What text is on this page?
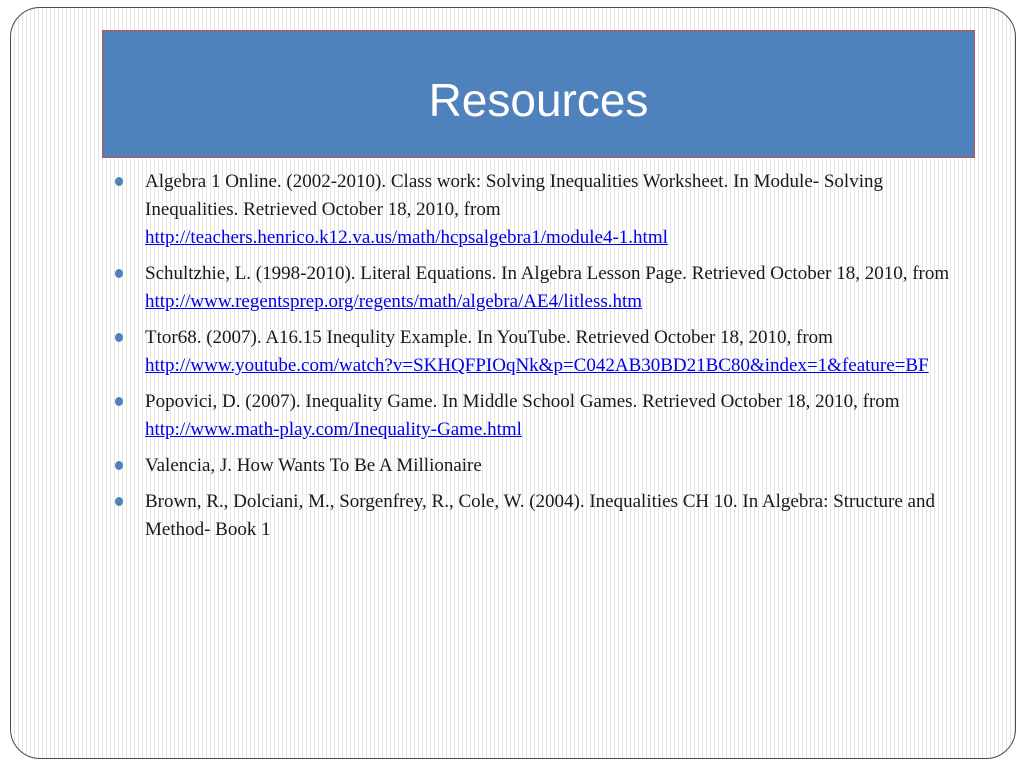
Resources
Algebra 1 Online. (2002-2010). Class work: Solving Inequalities Worksheet. In Module- Solving Inequalities. Retrieved October 18, 2010, from http://teachers.henrico.k12.va.us/math/hcpsalgebra1/module4-1.html
Schultzhie, L. (1998-2010). Literal Equations. In Algebra Lesson Page. Retrieved October 18, 2010, from http://www.regentsprep.org/regents/math/algebra/AE4/litless.htm
Ttor68. (2007). A16.15 Inequlity Example. In YouTube. Retrieved October 18, 2010, from http://www.youtube.com/watch?v=SKHQFPIOqNk&p=C042AB30BD21BC80&index=1&feature=BF
Popovici, D. (2007). Inequality Game. In Middle School Games. Retrieved October 18, 2010, from http://www.math-play.com/Inequality-Game.html
Valencia, J. How Wants To Be A Millionaire
Brown, R., Dolciani, M., Sorgenfrey, R., Cole, W. (2004). Inequalities CH 10. In Algebra: Structure and Method- Book 1
